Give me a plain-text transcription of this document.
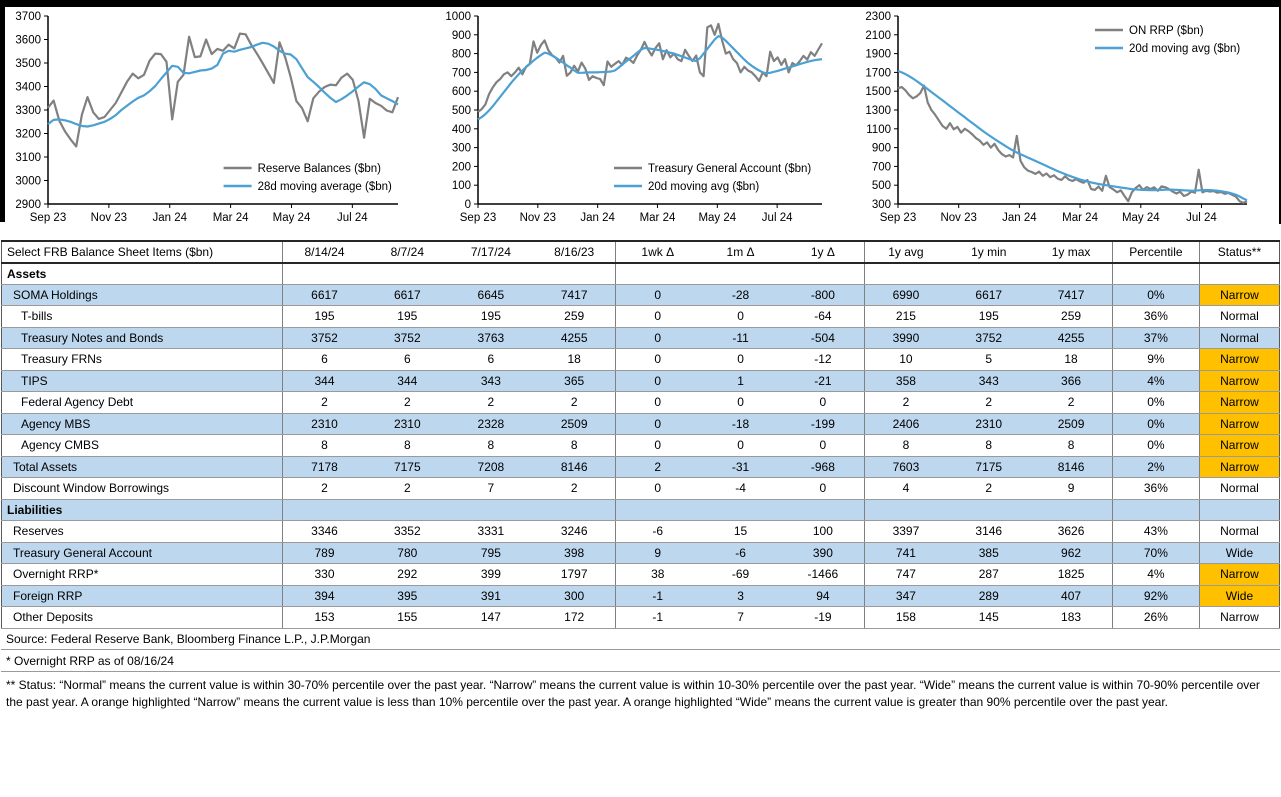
2900
3000
3100
3200
3300
3400
3500
3600
3700
Sep 23 Nov 23 Jan 24 Mar 24 May 24 Jul 24
Reserve Balances ($bn)
28d moving average ($bn)
0
100
200
300
400
500
600
700
800
900
1000
Sep 23 Nov 23 Jan 24 Mar 24 May 24 Jul 24
Treasury General Account ($bn)
20d moving avg ($bn)
300
500
700
900
1100
1300
1500
1700
1900
2100
2300
Sep 23 Nov 23 Jan 24 Mar 24 May 24 Jul 24
ON RRP ($bn)
20d moving avg ($bn)
Select FRB Balance Sheet Items ($bn)	8/14/24	8/7/24	7/17/24	8/16/23	1wk Δ	1m Δ	1y Δ	1y avg	1y min	1y max	Percentile	Status**
Assets												
SOMA Holdings	6617	6617	6645	7417	0	-28	-800	6990	6617	7417	0%	Narrow
T-bills	195	195	195	259	0	0	-64	215	195	259	36%	Normal
Treasury Notes and Bonds	3752	3752	3763	4255	0	-11	-504	3990	3752	4255	37%	Normal
Treasury FRNs	6	6	6	18	0	0	-12	10	5	18	9%	Narrow
TIPS	344	344	343	365	0	1	-21	358	343	366	4%	Narrow
Federal Agency Debt	2	2	2	2	0	0	0	2	2	2	0%	Narrow
Agency MBS	2310	2310	2328	2509	0	-18	-199	2406	2310	2509	0%	Narrow
Agency CMBS	8	8	8	8	0	0	0	8	8	8	0%	Narrow
Total Assets	7178	7175	7208	8146	2	-31	-968	7603	7175	8146	2%	Narrow
Discount Window Borrowings	2	2	7	2	0	-4	0	4	2	9	36%	Normal
Liabilities												
Reserves	3346	3352	3331	3246	-6	15	100	3397	3146	3626	43%	Normal
Treasury General Account	789	780	795	398	9	-6	390	741	385	962	70%	Wide
Overnight RRP*	330	292	399	1797	38	-69	-1466	747	287	1825	4%	Narrow
Foreign RRP	394	395	391	300	-1	3	94	347	289	407	92%	Wide
Other Deposits	153	155	147	172	-1	7	-19	158	145	183	26%	Narrow
Source: Federal Reserve Bank, Bloomberg Finance L.P., J.P.Morgan
* Overnight RRP as of 08/16/24
** Status: “Normal” means the current value is within 30-70% percentile over the past year. “Narrow” means the current value is within 10-30% percentile over the past year. “Wide” means the current value is within 70-90% percentile over the past year. A orange highlighted “Narrow” means the current value is less than 10% percentile over the past year. A orange highlighted “Wide” means the current value is greater than 90% percentile over the past year.
